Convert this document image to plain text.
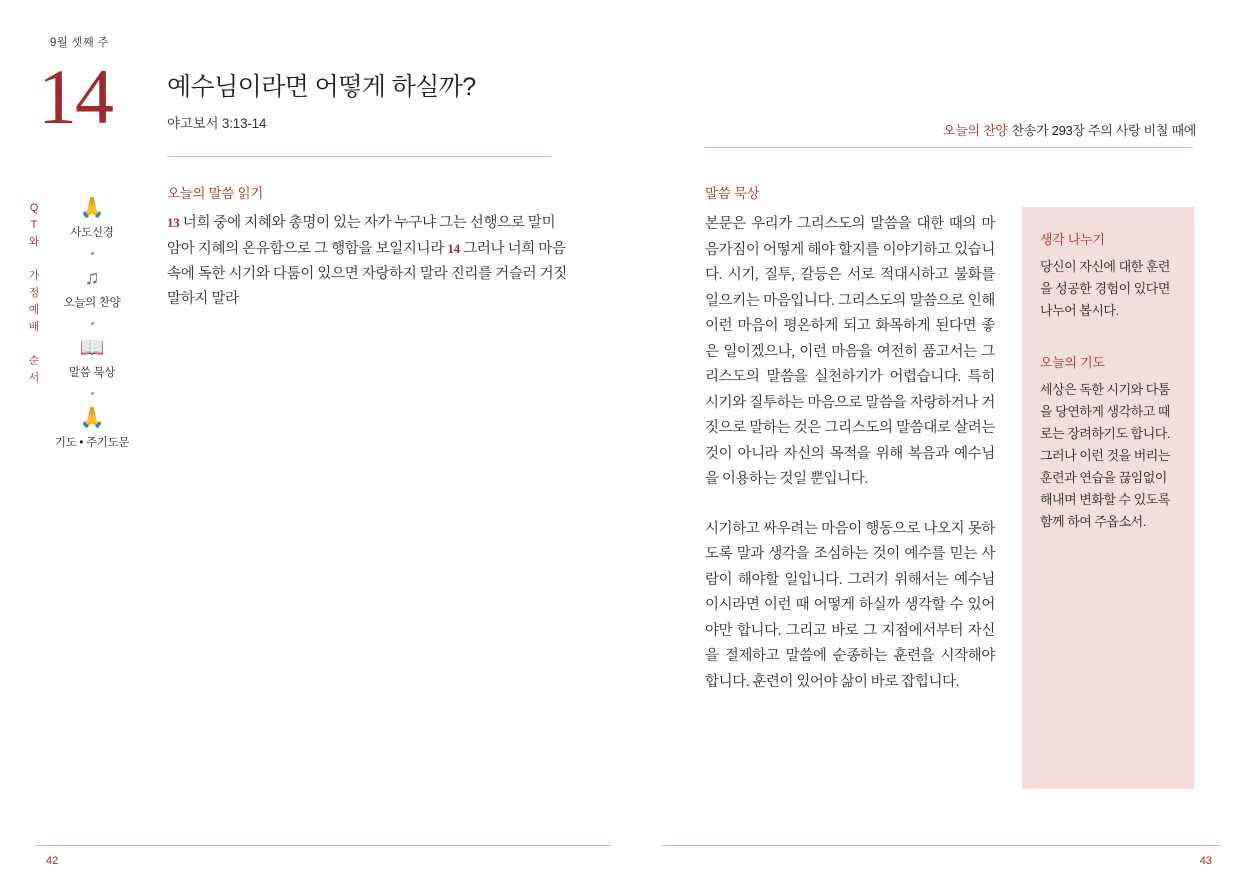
9월 셋째 주
14 예수님이라면 어떻게 하실까?
야고보서 3:13-14
Q
T
와

가
정
예
배

순
서
🙏
사도신경
♫
오늘의 찬양
📖
말씀 묵상
🙏
기도 • 주기도문
오늘의 말씀 읽기
13 너희 중에 지혜와 총명이 있는 자가 누구냐 그는 선행으로 말미암아 지혜의 온유함으로 그 행함을 보일지니라 14 그러나 너희 마음 속에 독한 시기와 다툼이 있으면 자랑하지 말라 진리를 거슬러 거짓말하지 말라
42
오늘의 찬양 찬송가 293장 주의 사랑 비칠 때에
말씀 묵상

본문은 우리가 그리스도의 말씀을 대한 때의 마음가짐이 어떻게 해야 할지를 이야기하고 있습니다. 시기, 질투, 갈등은 서로 적대시하고 불화를 일으키는 마음입니다. 그리스도의 말씀으로 인해 이런 마음이 평온하게 되고 화목하게 된다면 좋은 일이겠으나, 이런 마음을 여전히 품고서는 그리스도의 말씀을 실천하기가 어렵습니다. 특히 시기와 질투하는 마음으로 말씀을 자랑하거나 거짓으로 말하는 것은 그리스도의 말씀대로 살려는 것이 아니라 자신의 목적을 위해 복음과 예수님을 이용하는 것일 뿐입니다.

시기하고 싸우려는 마음이 행동으로 나오지 못하도록 말과 생각을 조심하는 것이 예수를 믿는 사람이 해야할 일입니다. 그러기 위해서는 예수님이시라면 이런 때 어떻게 하실까 생각할 수 있어야만 합니다. 그리고 바로 그 지점에서부터 자신을 절제하고 말씀에 순종하는 훈련을 시작해야 합니다. 훈련이 있어야 삶이 바로 잡힙니다.

생각 나누기
당신이 자신에 대한 훈련을 성공한 경험이 있다면 나누어 봅시다.
오늘의 기도
세상은 독한 시기와 다툼을 당연하게 생각하고 때로는 장려하기도 합니다. 그러나 이런 것을 버리는 훈련과 연습을 끊임없이 해내며 변화할 수 있도록 함께 하여 주옵소서.
43
